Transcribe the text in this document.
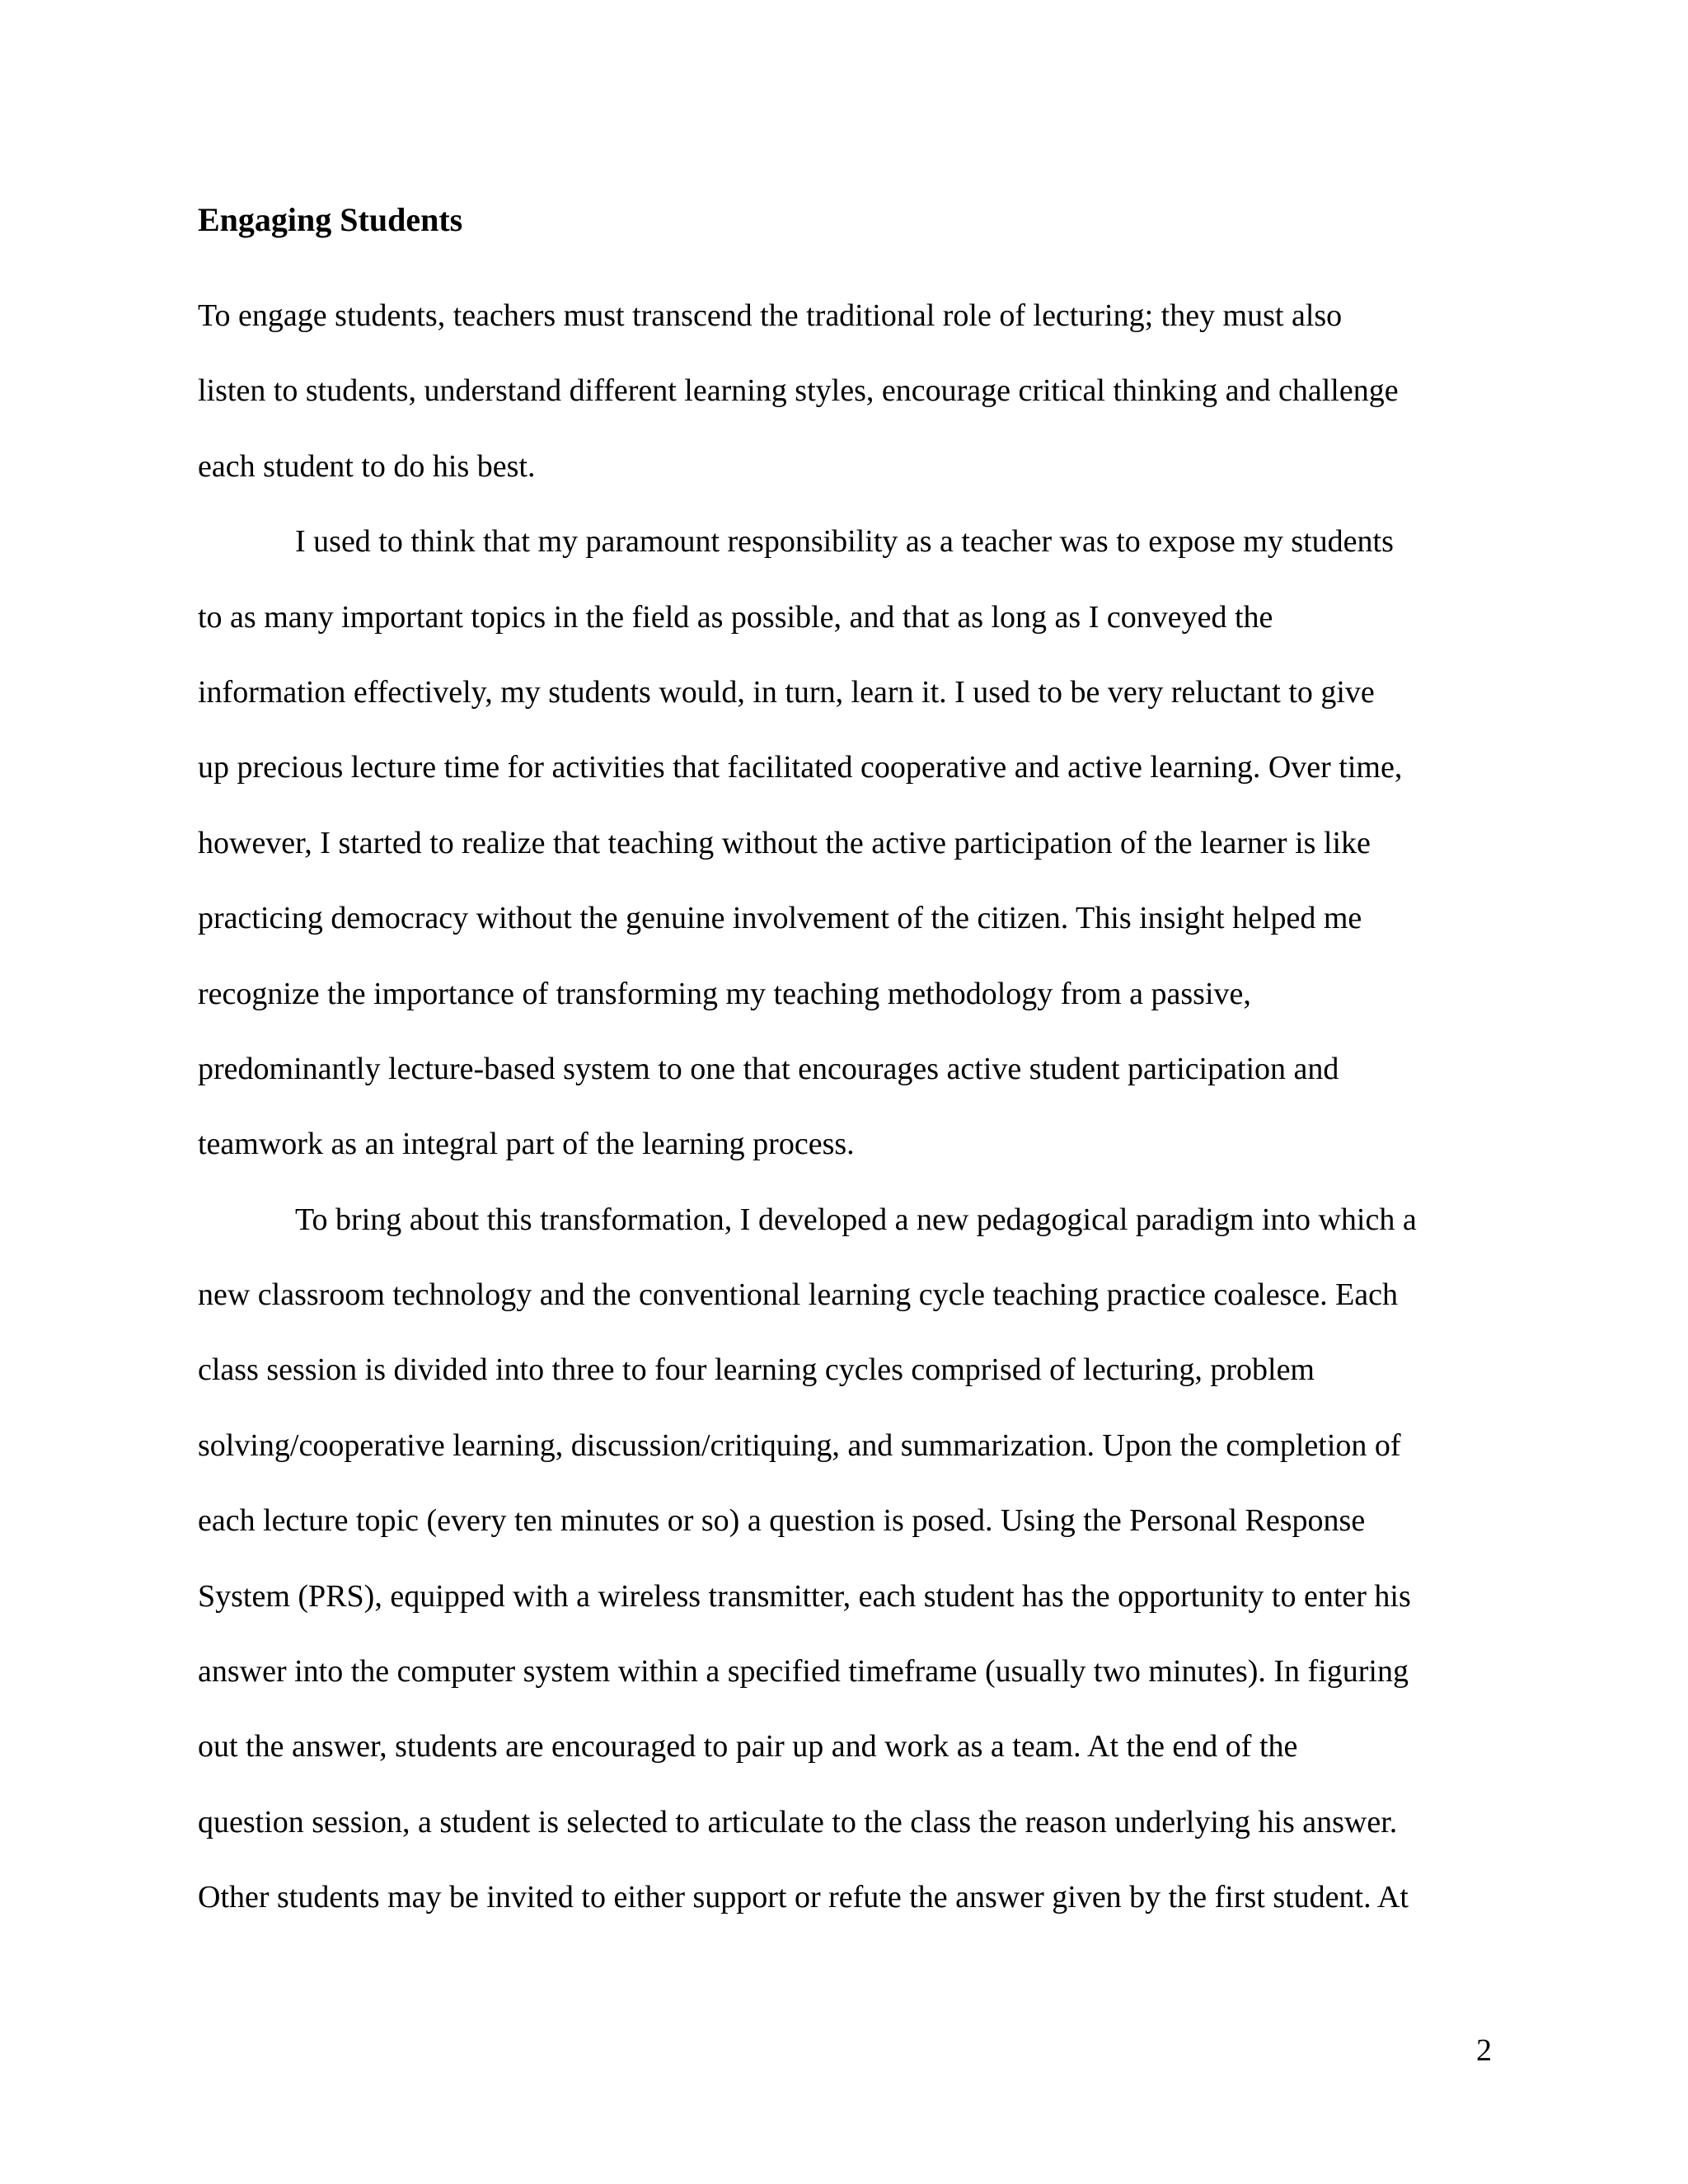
Engaging Students
To engage students, teachers must transcend the traditional role of lecturing; they must also
listen to students, understand different learning styles, encourage critical thinking and challenge
each student to do his best.
I used to think that my paramount responsibility as a teacher was to expose my students
to as many important topics in the field as possible, and that as long as I conveyed the
information effectively, my students would, in turn, learn it. I used to be very reluctant to give
up precious lecture time for activities that facilitated cooperative and active learning. Over time,
however, I started to realize that teaching without the active participation of the learner is like
practicing democracy without the genuine involvement of the citizen. This insight helped me
recognize the importance of transforming my teaching methodology from a passive,
predominantly lecture-based system to one that encourages active student participation and
teamwork as an integral part of the learning process.
To bring about this transformation, I developed a new pedagogical paradigm into which a
new classroom technology and the conventional learning cycle teaching practice coalesce. Each
class session is divided into three to four learning cycles comprised of lecturing, problem
solving/cooperative learning, discussion/critiquing, and summarization. Upon the completion of
each lecture topic (every ten minutes or so) a question is posed. Using the Personal Response
System (PRS), equipped with a wireless transmitter, each student has the opportunity to enter his
answer into the computer system within a specified timeframe (usually two minutes). In figuring
out the answer, students are encouraged to pair up and work as a team. At the end of the
question session, a student is selected to articulate to the class the reason underlying his answer.
Other students may be invited to either support or refute the answer given by the first student. At
2
